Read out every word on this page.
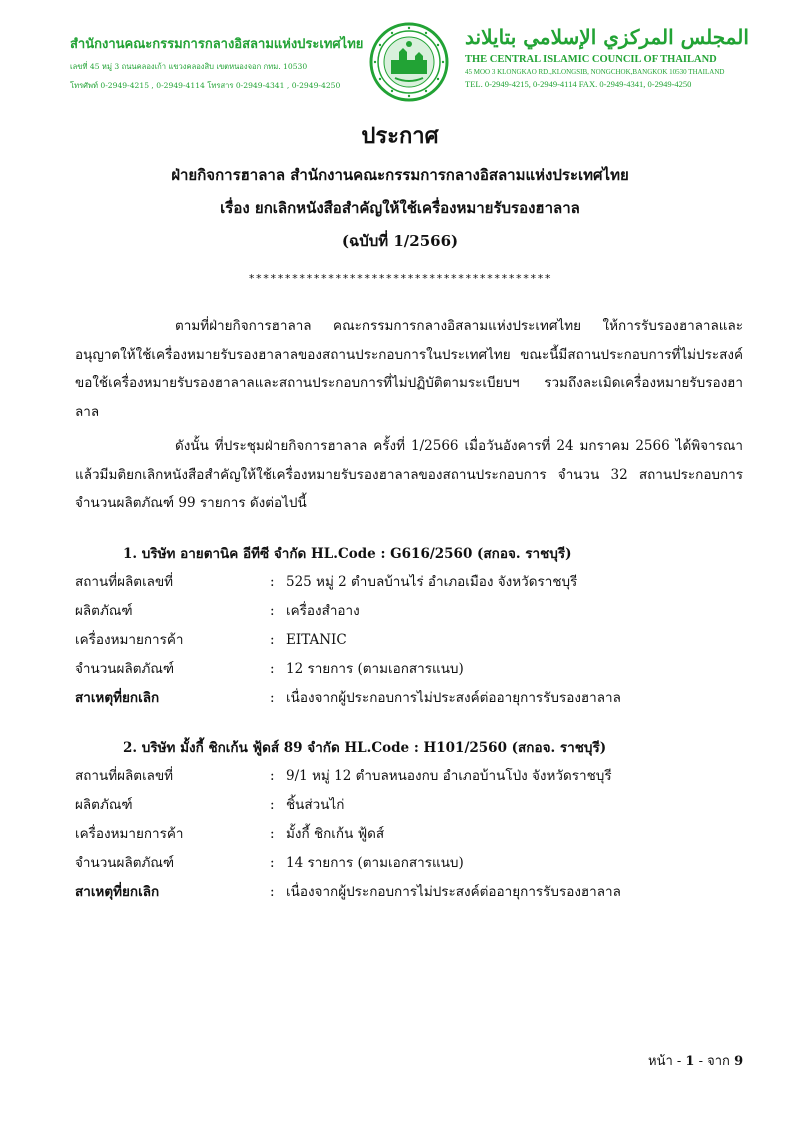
สำนักงานคณะกรรมการกลางอิสลามแห่งประเทศไทย
เลขที่ 45 หมู่ 3 ถนนคลองเก้า แขวงคลองสิบ เขตหนองจอก กทม. 10530
โทรศัพท์ 0-2949-4215 , 0-2949-4114 โทรสาร 0-2949-4341 , 0-2949-4250
المجلس المركزي الإسلامي بتايلاند
THE CENTRAL ISLAMIC COUNCIL OF THAILAND
45 MOO 3 KLONGKAO RD.,KLONGSIB, NONGCHOK,BANGKOK 10530 THAILAND
TEL. 0-2949-4215, 0-2949-4114 FAX. 0-2949-4341, 0-2949-4250
ประกาศ
ฝ่ายกิจการฮาลาล สำนักงานคณะกรรมการกลางอิสลามแห่งประเทศไทย
เรื่อง ยกเลิกหนังสือสำคัญให้ใช้เครื่องหมายรับรองฮาลาล
(ฉบับที่ 1/2566)
******************************************
ตามที่ฝ่ายกิจการฮาลาล คณะกรรมการกลางอิสลามแห่งประเทศไทย ให้การรับรองฮาลาลและอนุญาตให้ใช้เครื่องหมายรับรองฮาลาลของสถานประกอบการในประเทศไทย ขณะนี้มีสถานประกอบการที่ไม่ประสงค์ขอใช้เครื่องหมายรับรองฮาลาลและสถานประกอบการที่ไม่ปฏิบัติตามระเบียบฯ รวมถึงละเมิดเครื่องหมายรับรองฮาลาล
ดังนั้น ที่ประชุมฝ่ายกิจการฮาลาล ครั้งที่ 1/2566 เมื่อวันอังคารที่ 24 มกราคม 2566 ได้พิจารณาแล้วมีมติยกเลิกหนังสือสำคัญให้ใช้เครื่องหมายรับรองฮาลาลของสถานประกอบการ จำนวน 32 สถานประกอบการ จำนวนผลิตภัณฑ์ 99 รายการ ดังต่อไปนี้
1. บริษัท อายตานิค อีทีซี จำกัด HL.Code : G616/2560 (สกอจ. ราชบุรี)
สถานที่ผลิตเลขที่	: 525 หมู่ 2 ตำบลบ้านไร่ อำเภอเมือง จังหวัดราชบุรี
ผลิตภัณฑ์	: เครื่องสำอาง
เครื่องหมายการค้า	: EITANIC
จำนวนผลิตภัณฑ์	: 12 รายการ (ตามเอกสารแนบ)
สาเหตุที่ยกเลิก	: เนื่องจากผู้ประกอบการไม่ประสงค์ต่ออายุการรับรองฮาลาล
2. บริษัท มั้งกี้ ชิกเก้น ฟู้ดส์ 89 จำกัด HL.Code : H101/2560 (สกอจ. ราชบุรี)
สถานที่ผลิตเลขที่	: 9/1 หมู่ 12 ตำบลหนองกบ อำเภอบ้านโป่ง จังหวัดราชบุรี
ผลิตภัณฑ์	: ชิ้นส่วนไก่
เครื่องหมายการค้า	: มั้งกี้ ชิกเก้น ฟู้ดส์
จำนวนผลิตภัณฑ์	: 14 รายการ (ตามเอกสารแนบ)
สาเหตุที่ยกเลิก	: เนื่องจากผู้ประกอบการไม่ประสงค์ต่ออายุการรับรองฮาลาล
หน้า - 1 - จาก 9
